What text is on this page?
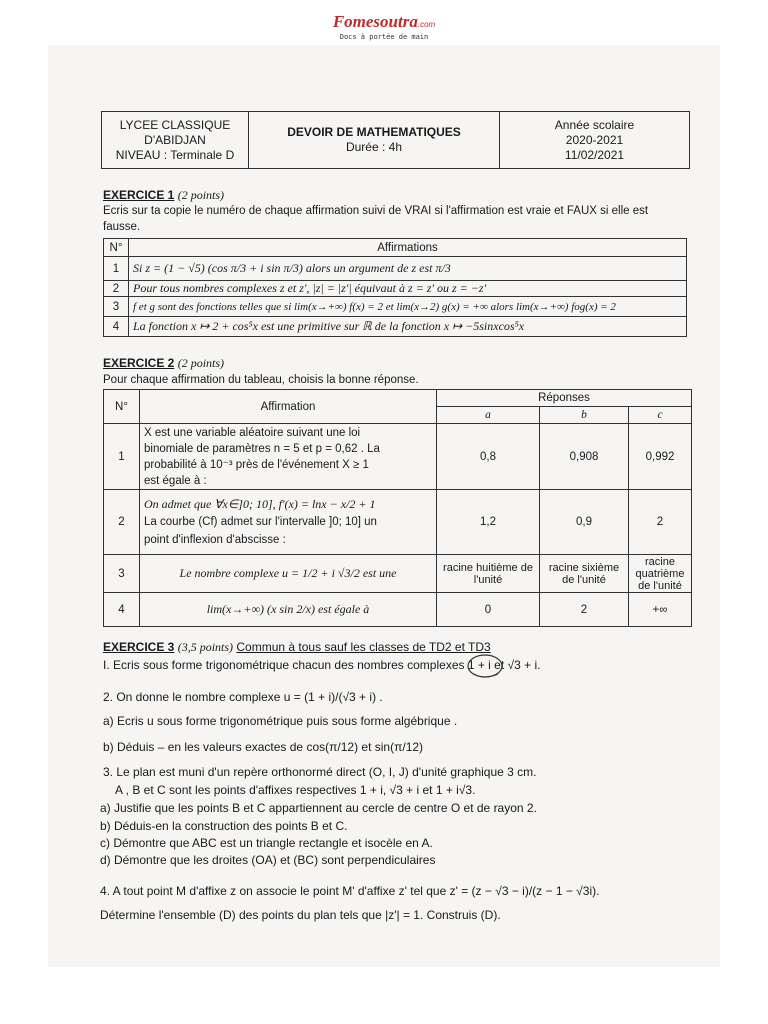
Fomesoutra.com
Docs à portée de main
LYCEE CLASSIQUE
D'ABIDJAN
NIVEAU : Terminale D
DEVOIR DE MATHEMATIQUES
Durée : 4h
Année scolaire
2020-2021
11/02/2021
EXERCICE 1 (2 points)
Ecris sur ta copie le numéro de chaque affirmation suivi de VRAI si l'affirmation est vraie et FAUX si elle est
fausse.
N°	Affirmations
1	Si z = (1 − √5) (cos π/3 + i sin π/3) alors un argument de z est π/3
2	Pour tous nombres complexes z et z', |z| = |z'| équivaut à z = z' ou z = −z'
3	f et g sont des fonctions telles que si lim(x→+∞) f(x) = 2 et lim(x→2) g(x) = +∞ alors lim(x→+∞) fog(x) = 2
4	La fonction x ↦ 2 + cos⁵x est une primitive sur ℝ de la fonction x ↦ −5sinxcos⁵x
EXERCICE 2 (2 points)
Pour chaque affirmation du tableau, choisis la bonne réponse.
N°	Affirmation	Réponses		
		a	b	c
1	X est une variable aléatoire suivant une loi
binomiale de paramètres n = 5 et p = 0,62 . La
probabilité à 10⁻³ près de l'événement X ≥ 1
est égale à :	0,8	0,908	0,992
2	On admet que ∀x∈]0; 10], f'(x) = lnx − x/2 + 1
La courbe (Cf) admet sur l'intervalle ]0; 10] un
point d'inflexion d'abscisse :	1,2	0,9	2
3	Le nombre complexe u = 1/2 + i √3/2 est une	racine huitième de l'unité	racine sixième de l'unité	racine quatrième de l'unité
4	lim(x→+∞) (x sin 2/x) est égale à	0	2	+∞
EXERCICE 3 (3,5 points) Commun à tous sauf les classes de TD2 et TD3
I. Ecris sous forme trigonométrique chacun des nombres complexes 1 + i et √3 + i.
2. On donne le nombre complexe u = (1 + i)/(√3 + i) .
a) Ecris u sous forme trigonométrique puis sous forme algébrique .
b) Déduis – en les valeurs exactes de cos(π/12) et sin(π/12)
3. Le plan est muni d'un repère orthonormé direct (O, I, J) d'unité graphique 3 cm.
A , B et C sont les points d'affixes respectives 1 + i, √3 + i et 1 + i√3.
a) Justifie que les points B et C appartiennent au cercle de centre O et de rayon 2.
b) Déduis-en la construction des points B et C.
c) Démontre que ABC est un triangle rectangle et isocèle en A.
d) Démontre que les droites (OA) et (BC) sont perpendiculaires
4. A tout point M d'affixe z on associe le point M' d'affixe z' tel que z' = (z − √3 − i)/(z − 1 − √3i).
Détermine l'ensemble (D) des points du plan tels que |z'| = 1. Construis (D).
